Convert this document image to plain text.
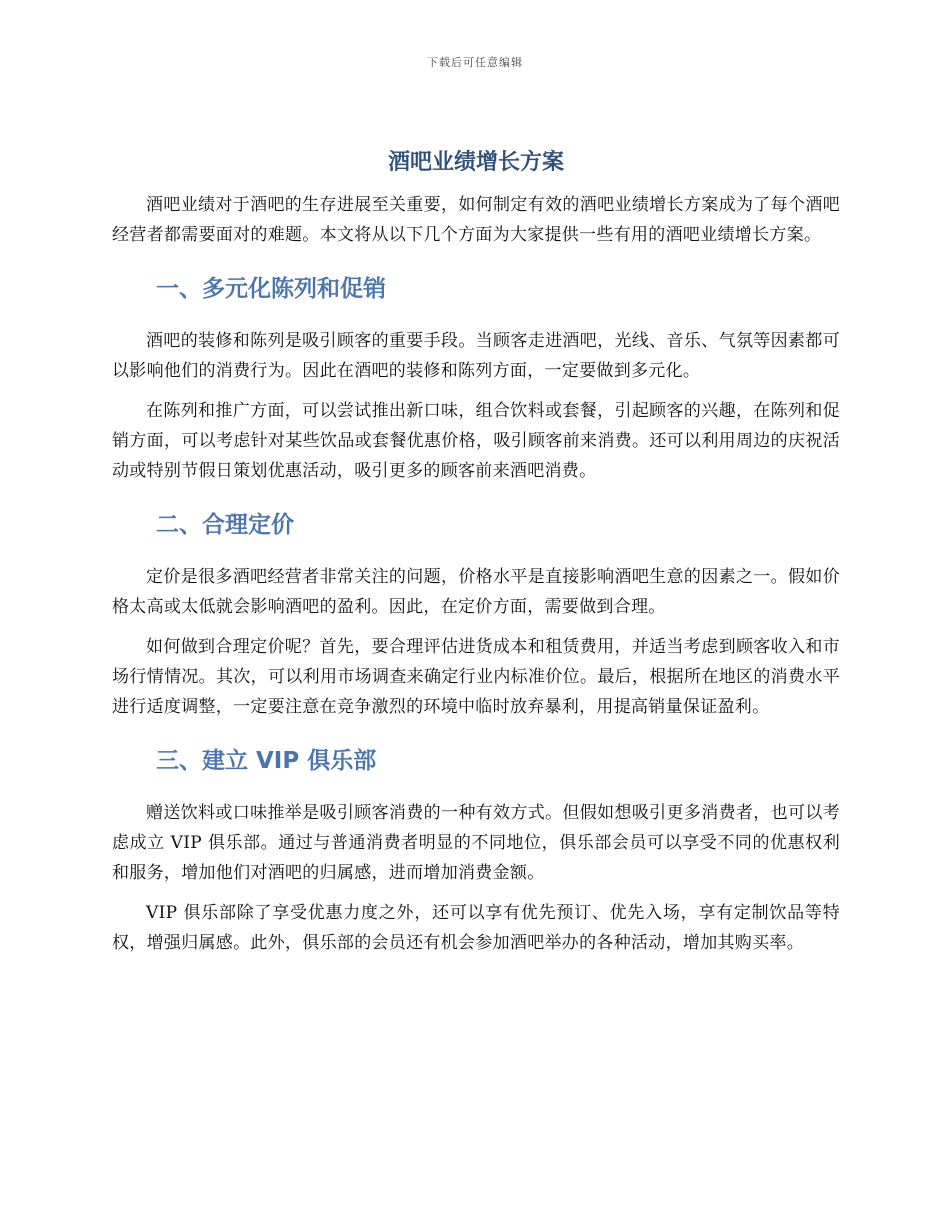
下载后可任意编辑
酒吧业绩增长方案

酒吧业绩对于酒吧的生存进展至关重要，如何制定有效的酒吧业绩增长方案成为了每个酒吧经营者都需要面对的难题。本文将从以下几个方面为大家提供一些有用的酒吧业绩增长方案。

一、多元化陈列和促销

酒吧的装修和陈列是吸引顾客的重要手段。当顾客走进酒吧，光线、音乐、气氛等因素都可以影响他们的消费行为。因此在酒吧的装修和陈列方面，一定要做到多元化。

在陈列和推广方面，可以尝试推出新口味，组合饮料或套餐，引起顾客的兴趣，在陈列和促销方面，可以考虑针对某些饮品或套餐优惠价格，吸引顾客前来消费。还可以利用周边的庆祝活动或特别节假日策划优惠活动，吸引更多的顾客前来酒吧消费。

二、合理定价

定价是很多酒吧经营者非常关注的问题，价格水平是直接影响酒吧生意的因素之一。假如价格太高或太低就会影响酒吧的盈利。因此，在定价方面，需要做到合理。

如何做到合理定价呢？首先，要合理评估进货成本和租赁费用，并适当考虑到顾客收入和市场行情情况。其次，可以利用市场调查来确定行业内标准价位。最后，根据所在地区的消费水平进行适度调整，一定要注意在竞争激烈的环境中临时放弃暴利，用提高销量保证盈利。

三、建立 VIP 俱乐部

赠送饮料或口味推举是吸引顾客消费的一种有效方式。但假如想吸引更多消费者，也可以考虑成立 VIP 俱乐部。通过与普通消费者明显的不同地位，俱乐部会员可以享受不同的优惠权利和服务，增加他们对酒吧的归属感，进而增加消费金额。

VIP 俱乐部除了享受优惠力度之外，还可以享有优先预订、优先入场，享有定制饮品等特权，增强归属感。此外，俱乐部的会员还有机会参加酒吧举办的各种活动，增加其购买率。
